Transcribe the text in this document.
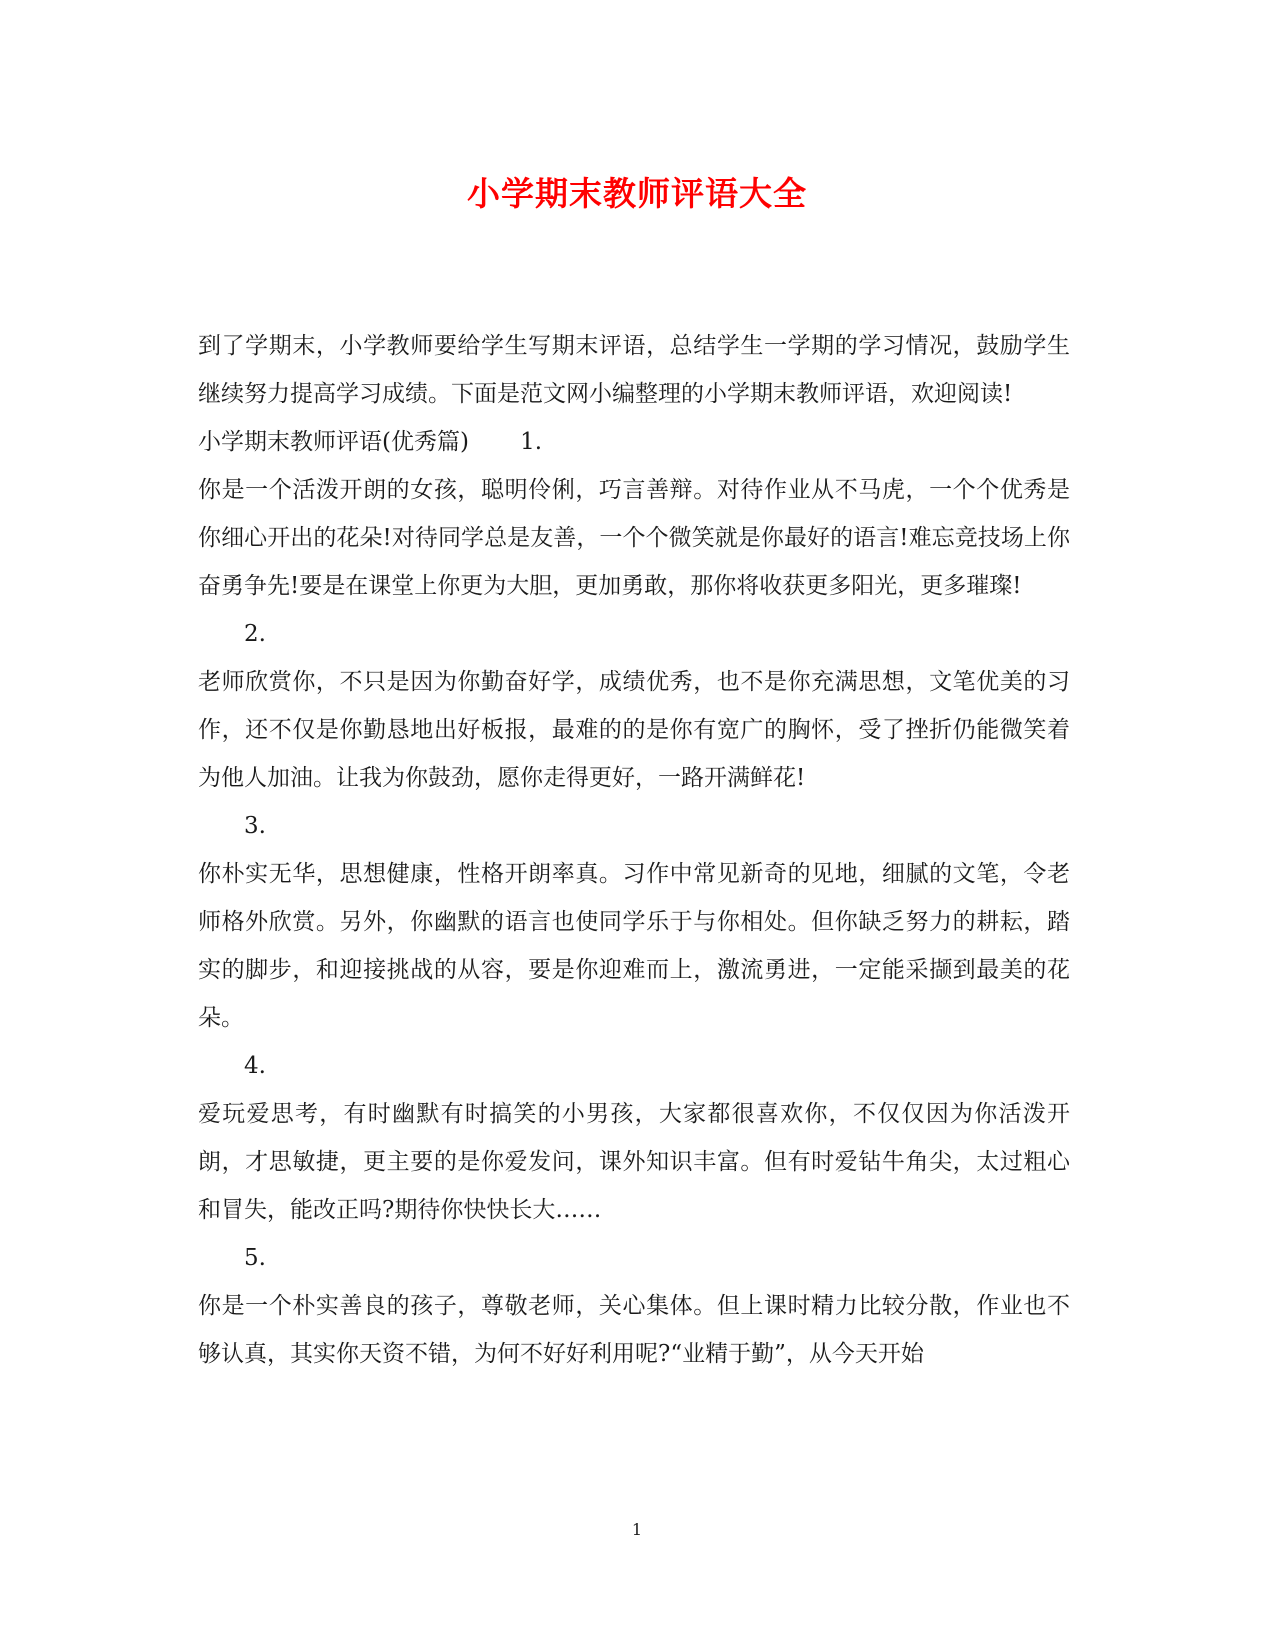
小学期末教师评语大全

到了学期末，小学教师要给学生写期末评语，总结学生一学期的学习情况，鼓励学生继续努力提高学习成绩。下面是范文网小编整理的小学期末教师评语，欢迎阅读!

小学期末教师评语(优秀篇) 1.

你是一个活泼开朗的女孩，聪明伶俐，巧言善辩。对待作业从不马虎，一个个优秀是你细心开出的花朵!对待同学总是友善，一个个微笑就是你最好的语言!难忘竞技场上你奋勇争先!要是在课堂上你更为大胆，更加勇敢，那你将收获更多阳光，更多璀璨!

2.

老师欣赏你，不只是因为你勤奋好学，成绩优秀，也不是你充满思想，文笔优美的习作，还不仅是你勤恳地出好板报，最难的的是你有宽广的胸怀，受了挫折仍能微笑着为他人加油。让我为你鼓劲，愿你走得更好，一路开满鲜花!

3.

你朴实无华，思想健康，性格开朗率真。习作中常见新奇的见地，细腻的文笔，令老师格外欣赏。另外，你幽默的语言也使同学乐于与你相处。但你缺乏努力的耕耘，踏实的脚步，和迎接挑战的从容，要是你迎难而上，激流勇进，一定能采撷到最美的花朵。

4.

爱玩爱思考，有时幽默有时搞笑的小男孩，大家都很喜欢你，不仅仅因为你活泼开朗，才思敏捷，更主要的是你爱发问，课外知识丰富。但有时爱钻牛角尖，太过粗心和冒失，能改正吗?期待你快快长大……

5.

你是一个朴实善良的孩子，尊敬老师，关心集体。但上课时精力比较分散，作业也不够认真，其实你天资不错，为何不好好利用呢?“业精于勤”，从今天开始

1
